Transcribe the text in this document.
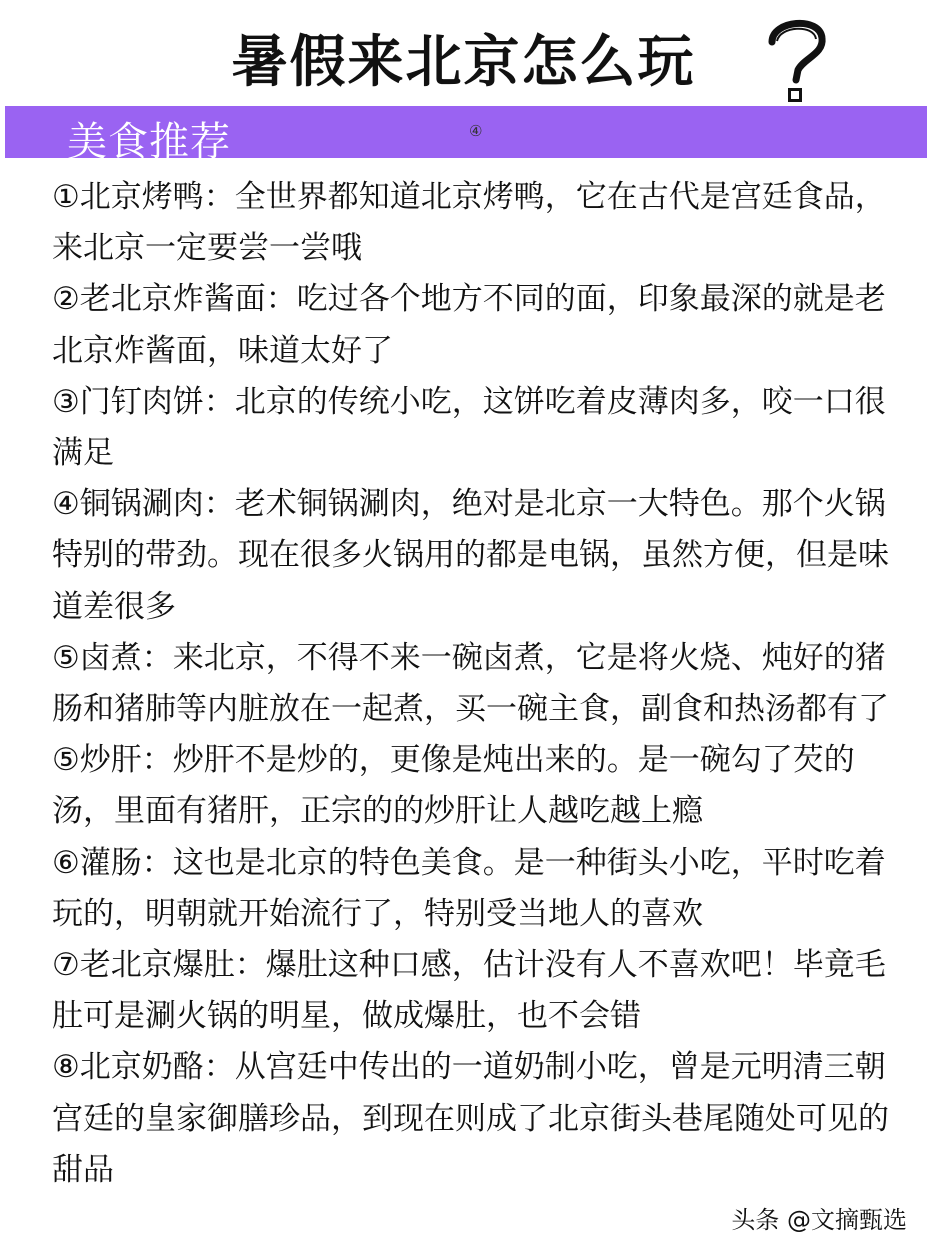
暑假来北京怎么玩
美食推荐	④
①北京烤鸭：全世界都知道北京烤鸭，它在古代是宫廷食品，来北京一定要尝一尝哦
②老北京炸酱面：吃过各个地方不同的面，印象最深的就是老北京炸酱面，味道太好了
③门钉肉饼：北京的传统小吃，这饼吃着皮薄肉多，咬一口很满足
④铜锅涮肉：老术铜锅涮肉，绝对是北京一大特色。那个火锅特别的带劲。现在很多火锅用的都是电锅，虽然方便，但是味道差很多
⑤卤煮：来北京，不得不来一碗卤煮，它是将火烧、炖好的猪肠和猪肺等内脏放在一起煮，买一碗主食，副食和热汤都有了
⑤炒肝：炒肝不是炒的，更像是炖出来的。是一碗勾了芡的汤，里面有猪肝，正宗的的炒肝让人越吃越上瘾
⑥灌肠：这也是北京的特色美食。是一种街头小吃，平时吃着玩的，明朝就开始流行了，特别受当地人的喜欢
⑦老北京爆肚：爆肚这种口感，估计没有人不喜欢吧！毕竟毛肚可是涮火锅的明星，做成爆肚，也不会错
⑧北京奶酪：从宫廷中传出的一道奶制小吃，曾是元明清三朝宫廷的皇家御膳珍品，到现在则成了北京街头巷尾随处可见的甜品
头条 @文摘甄选
